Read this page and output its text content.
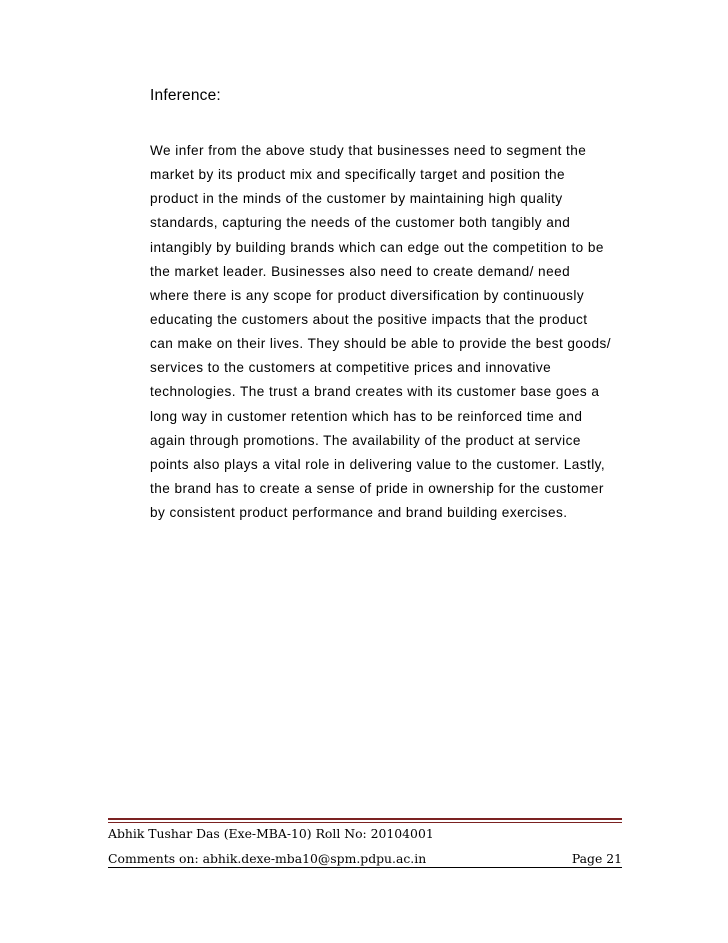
Inference:
We infer from the above study that businesses need to segment the
market by its product mix and specifically target and position the
product in the minds of the customer by maintaining high quality
standards, capturing the needs of the customer both tangibly and
intangibly by building brands which can edge out the competition to be
the market leader. Businesses also need to create demand/ need
where there is any scope for product diversification by continuously
educating the customers about the positive impacts that the product
can make on their lives. They should be able to provide the best goods/
services to the customers at competitive prices and innovative
technologies. The trust a brand creates with its customer base goes a
long way in customer retention which has to be reinforced time and
again through promotions. The availability of the product at service
points also plays a vital role in delivering value to the customer. Lastly,
the brand has to create a sense of pride in ownership for the customer
by consistent product performance and brand building exercises.
Abhik Tushar Das (Exe-MBA-10) Roll No: 20104001
Comments on: abhik.dexe-mba10@spm.pdpu.ac.in	Page 21
